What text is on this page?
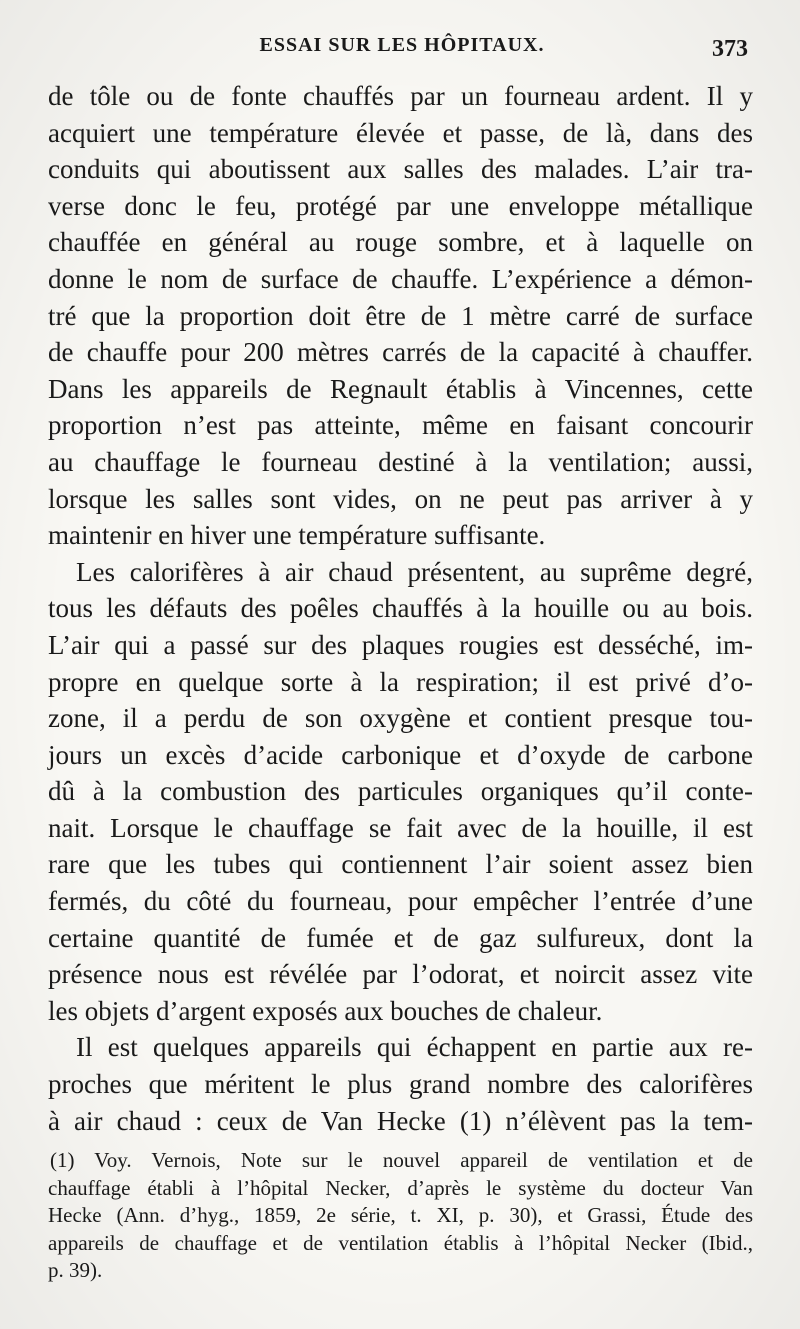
ESSAI SUR LES HÔPITAUX.	373
de tôle ou de fonte chauffés par un fourneau ardent. Il y
acquiert une température élevée et passe, de là, dans des
conduits qui aboutissent aux salles des malades. L’air tra-
verse donc le feu, protégé par une enveloppe métallique
chauffée en général au rouge sombre, et à laquelle on
donne le nom de surface de chauffe. L’expérience a démon-
tré que la proportion doit être de 1 mètre carré de surface
de chauffe pour 200 mètres carrés de la capacité à chauffer.
Dans les appareils de Regnault établis à Vincennes, cette
proportion n’est pas atteinte, même en faisant concourir
au chauffage le fourneau destiné à la ventilation; aussi,
lorsque les salles sont vides, on ne peut pas arriver à y
maintenir en hiver une température suffisante.
Les calorifères à air chaud présentent, au suprême degré,
tous les défauts des poêles chauffés à la houille ou au bois.
L’air qui a passé sur des plaques rougies est desséché, im-
propre en quelque sorte à la respiration; il est privé d’o-
zone, il a perdu de son oxygène et contient presque tou-
jours un excès d’acide carbonique et d’oxyde de carbone
dû à la combustion des particules organiques qu’il conte-
nait. Lorsque le chauffage se fait avec de la houille, il est
rare que les tubes qui contiennent l’air soient assez bien
fermés, du côté du fourneau, pour empêcher l’entrée d’une
certaine quantité de fumée et de gaz sulfureux, dont la
présence nous est révélée par l’odorat, et noircit assez vite
les objets d’argent exposés aux bouches de chaleur.
Il est quelques appareils qui échappent en partie aux re-
proches que méritent le plus grand nombre des calorifères
à air chaud : ceux de Van Hecke (1) n’élèvent pas la tem-
(1) Voy. Vernois, Note sur le nouvel appareil de ventilation et de
chauffage établi à l’hôpital Necker, d’après le système du docteur Van
Hecke (Ann. d’hyg., 1859, 2e série, t. XI, p. 30), et Grassi, Étude des
appareils de chauffage et de ventilation établis à l’hôpital Necker (Ibid.,
p. 39).
